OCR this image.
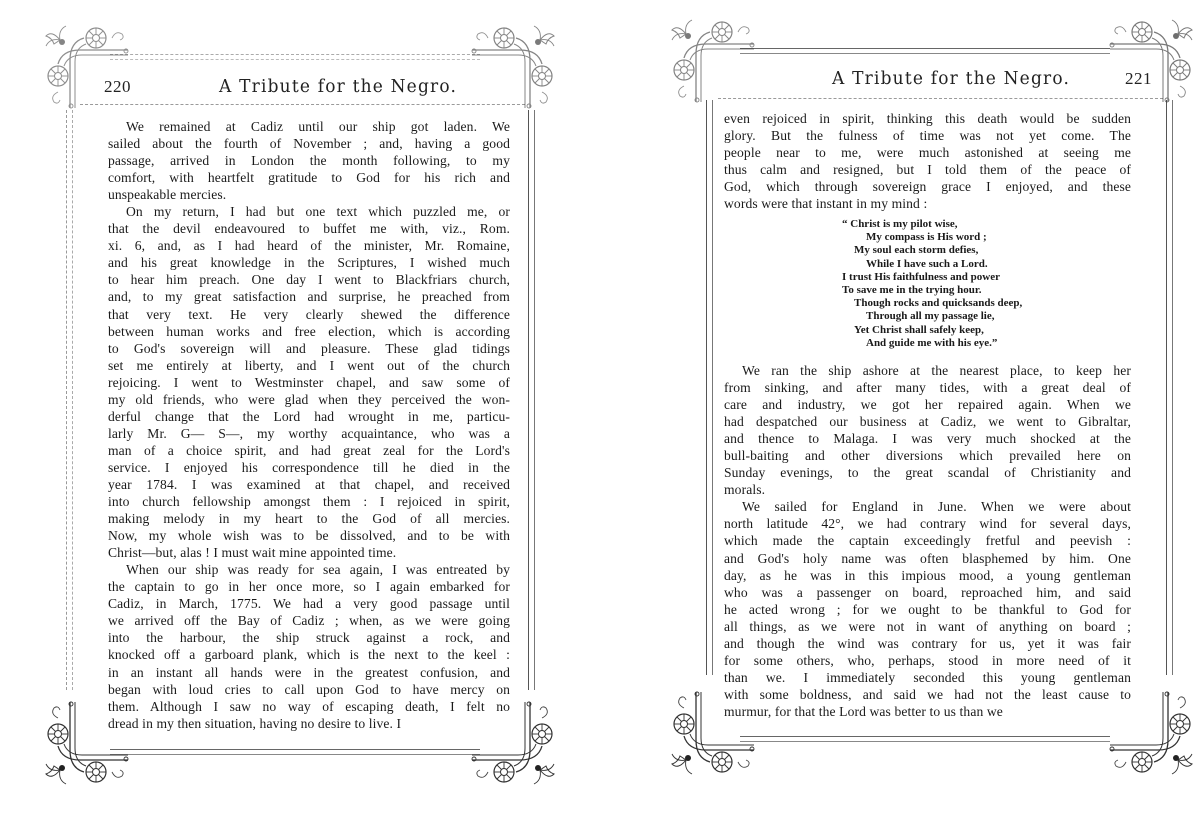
220	A Tribute for the Negro.
We remained at Cadiz until our ship got laden. We
sailed about the fourth of November ; and, having a good
passage, arrived in London the month following, to my
comfort, with heartfelt gratitude to God for his rich and
unspeakable mercies.
On my return, I had but one text which puzzled me, or
that the devil endeavoured to buffet me with, viz., Rom.
xi. 6, and, as I had heard of the minister, Mr. Romaine,
and his great knowledge in the Scriptures, I wished much
to hear him preach. One day I went to Blackfriars church,
and, to my great satisfaction and surprise, he preached from
that very text. He very clearly shewed the difference
between human works and free election, which is according
to God's sovereign will and pleasure. These glad tidings
set me entirely at liberty, and I went out of the church
rejoicing. I went to Westminster chapel, and saw some of
my old friends, who were glad when they perceived the won-
derful change that the Lord had wrought in me, particu-
larly Mr. G— S—, my worthy acquaintance, who was a
man of a choice spirit, and had great zeal for the Lord's
service. I enjoyed his correspondence till he died in the
year 1784. I was examined at that chapel, and received
into church fellowship amongst them : I rejoiced in spirit,
making melody in my heart to the God of all mercies.
Now, my whole wish was to be dissolved, and to be with
Christ—but, alas ! I must wait mine appointed time.
When our ship was ready for sea again, I was entreated by
the captain to go in her once more, so I again embarked for
Cadiz, in March, 1775. We had a very good passage until
we arrived off the Bay of Cadiz ; when, as we were going
into the harbour, the ship struck against a rock, and
knocked off a garboard plank, which is the next to the keel :
in an instant all hands were in the greatest confusion, and
began with loud cries to call upon God to have mercy on
them. Although I saw no way of escaping death, I felt no
dread in my then situation, having no desire to live. I
A Tribute for the Negro.	221
even rejoiced in spirit, thinking this death would be sudden
glory. But the fulness of time was not yet come. The
people near to me, were much astonished at seeing me
thus calm and resigned, but I told them of the peace of
God, which through sovereign grace I enjoyed, and these
words were that instant in my mind :
“ Christ is my pilot wise,
My compass is His word ;
My soul each storm defies,
While I have such a Lord.
I trust His faithfulness and power
To save me in the trying hour.
Though rocks and quicksands deep,
Through all my passage lie,
Yet Christ shall safely keep,
And guide me with his eye.”
We ran the ship ashore at the nearest place, to keep her
from sinking, and after many tides, with a great deal of
care and industry, we got her repaired again. When we
had despatched our business at Cadiz, we went to Gibraltar,
and thence to Malaga. I was very much shocked at the
bull-baiting and other diversions which prevailed here on
Sunday evenings, to the great scandal of Christianity and
morals.
We sailed for England in June. When we were about
north latitude 42°, we had contrary wind for several days,
which made the captain exceedingly fretful and peevish :
and God's holy name was often blasphemed by him. One
day, as he was in this impious mood, a young gentleman
who was a passenger on board, reproached him, and said
he acted wrong ; for we ought to be thankful to God for
all things, as we were not in want of anything on board ;
and though the wind was contrary for us, yet it was fair
for some others, who, perhaps, stood in more need of it
than we. I immediately seconded this young gentleman
with some boldness, and said we had not the least cause to
murmur, for that the Lord was better to us than we
